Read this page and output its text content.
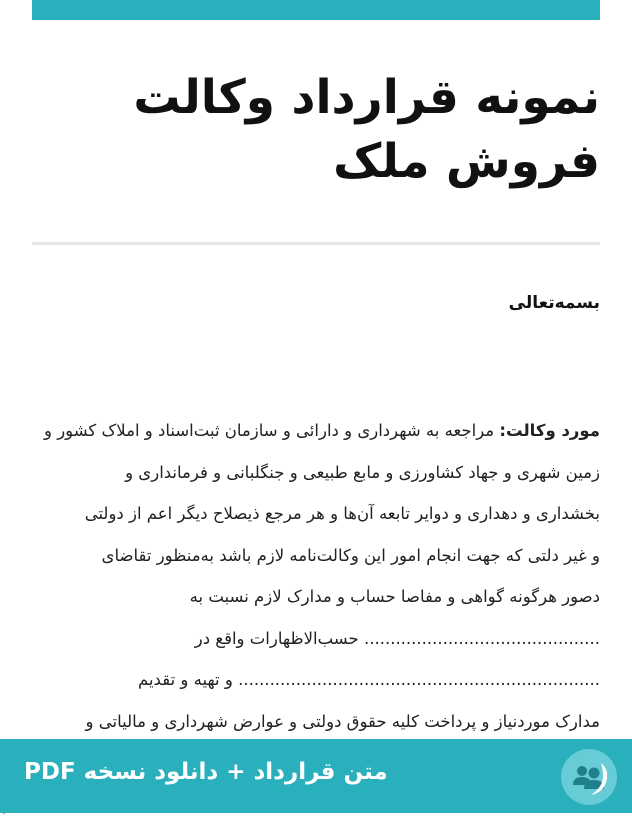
نمونه قرارداد وکالت
فروش ملک
بسمه‌تعالی
مورد وکالت: مراجعه به شهرداری و دارائی و سازمان ثبت‌اسناد و املاک کشور و
زمین شهری و جهاد کشاورزی و مابع طبیعی و جنگلبانی و فرمانداری و
بخشداری و دهداری و دوایر تابعه آن‌ها و هر مرجع ذیصلاح دیگر اعم از دولتی
و غیر دلتی که جهت انجام امور این وکالت‌نامه لازم باشد به‌منظور تقاضای
دصور هرگونه گواهی و مفاصا حساب و مدارک لازم نسبت به
............................................. حسب‌الاظهارات واقع در
..................................................................... و تهیه و تقدیم
مدارک موردنیاز و پرداخت کلیه حقوق دولتی و عوارض شهرداری و مالیاتی و
متن قرارداد + دانلود نسخه PDF
ر
